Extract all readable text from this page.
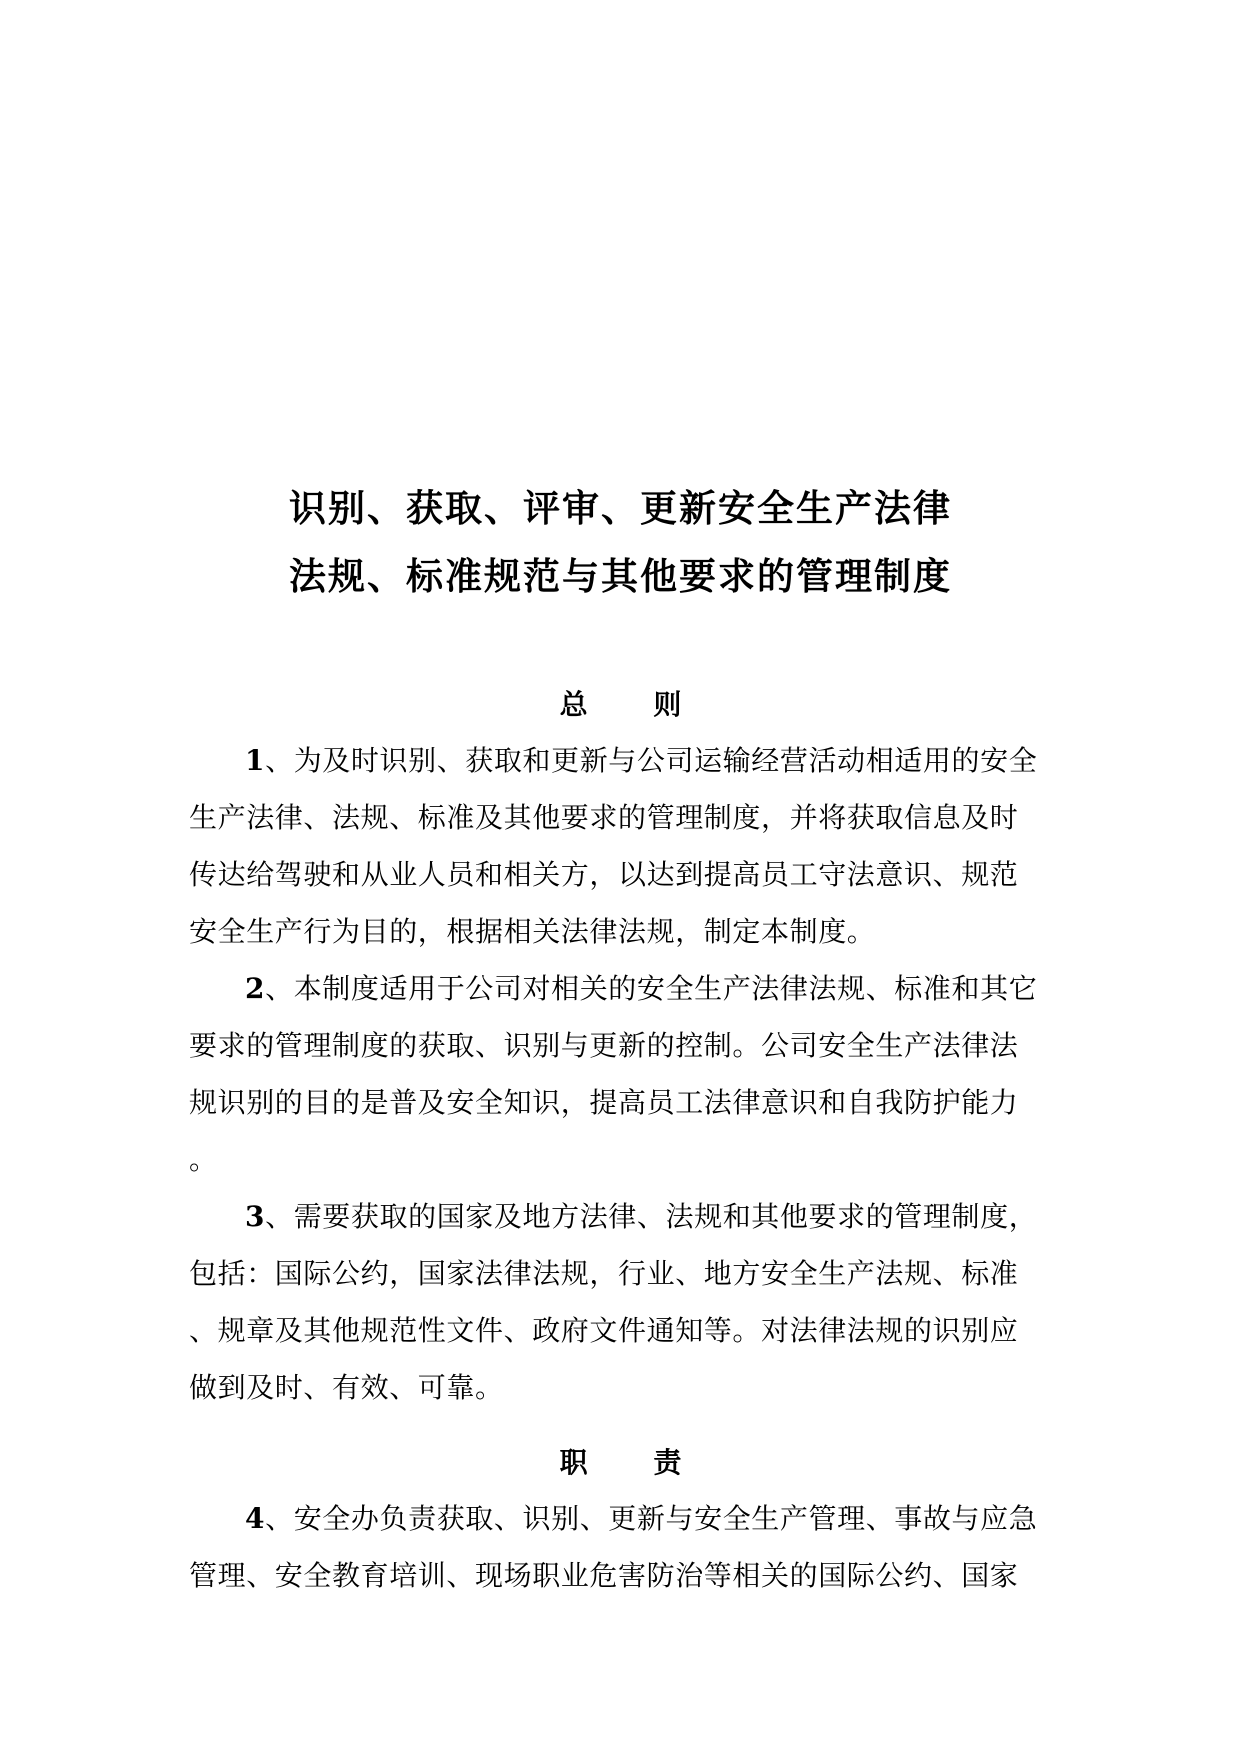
识别、获取、评审、更新安全生产法律
法规、标准规范与其他要求的管理制度
总 则
1、为及时识别、获取和更新与公司运输经营活动相适用的安全
生产法律、法规、标准及其他要求的管理制度，并将获取信息及时
传达给驾驶和从业人员和相关方，以达到提高员工守法意识、规范
安全生产行为目的，根据相关法律法规，制定本制度。
2、本制度适用于公司对相关的安全生产法律法规、标准和其它
要求的管理制度的获取、识别与更新的控制。公司安全生产法律法
规识别的目的是普及安全知识，提高员工法律意识和自我防护能力
。
3、需要获取的国家及地方法律、法规和其他要求的管理制度，
包括：国际公约，国家法律法规，行业、地方安全生产法规、标准
、规章及其他规范性文件、政府文件通知等。对法律法规的识别应
做到及时、有效、可靠。
职 责
4、安全办负责获取、识别、更新与安全生产管理、事故与应急
管理、安全教育培训、现场职业危害防治等相关的国际公约、国家
